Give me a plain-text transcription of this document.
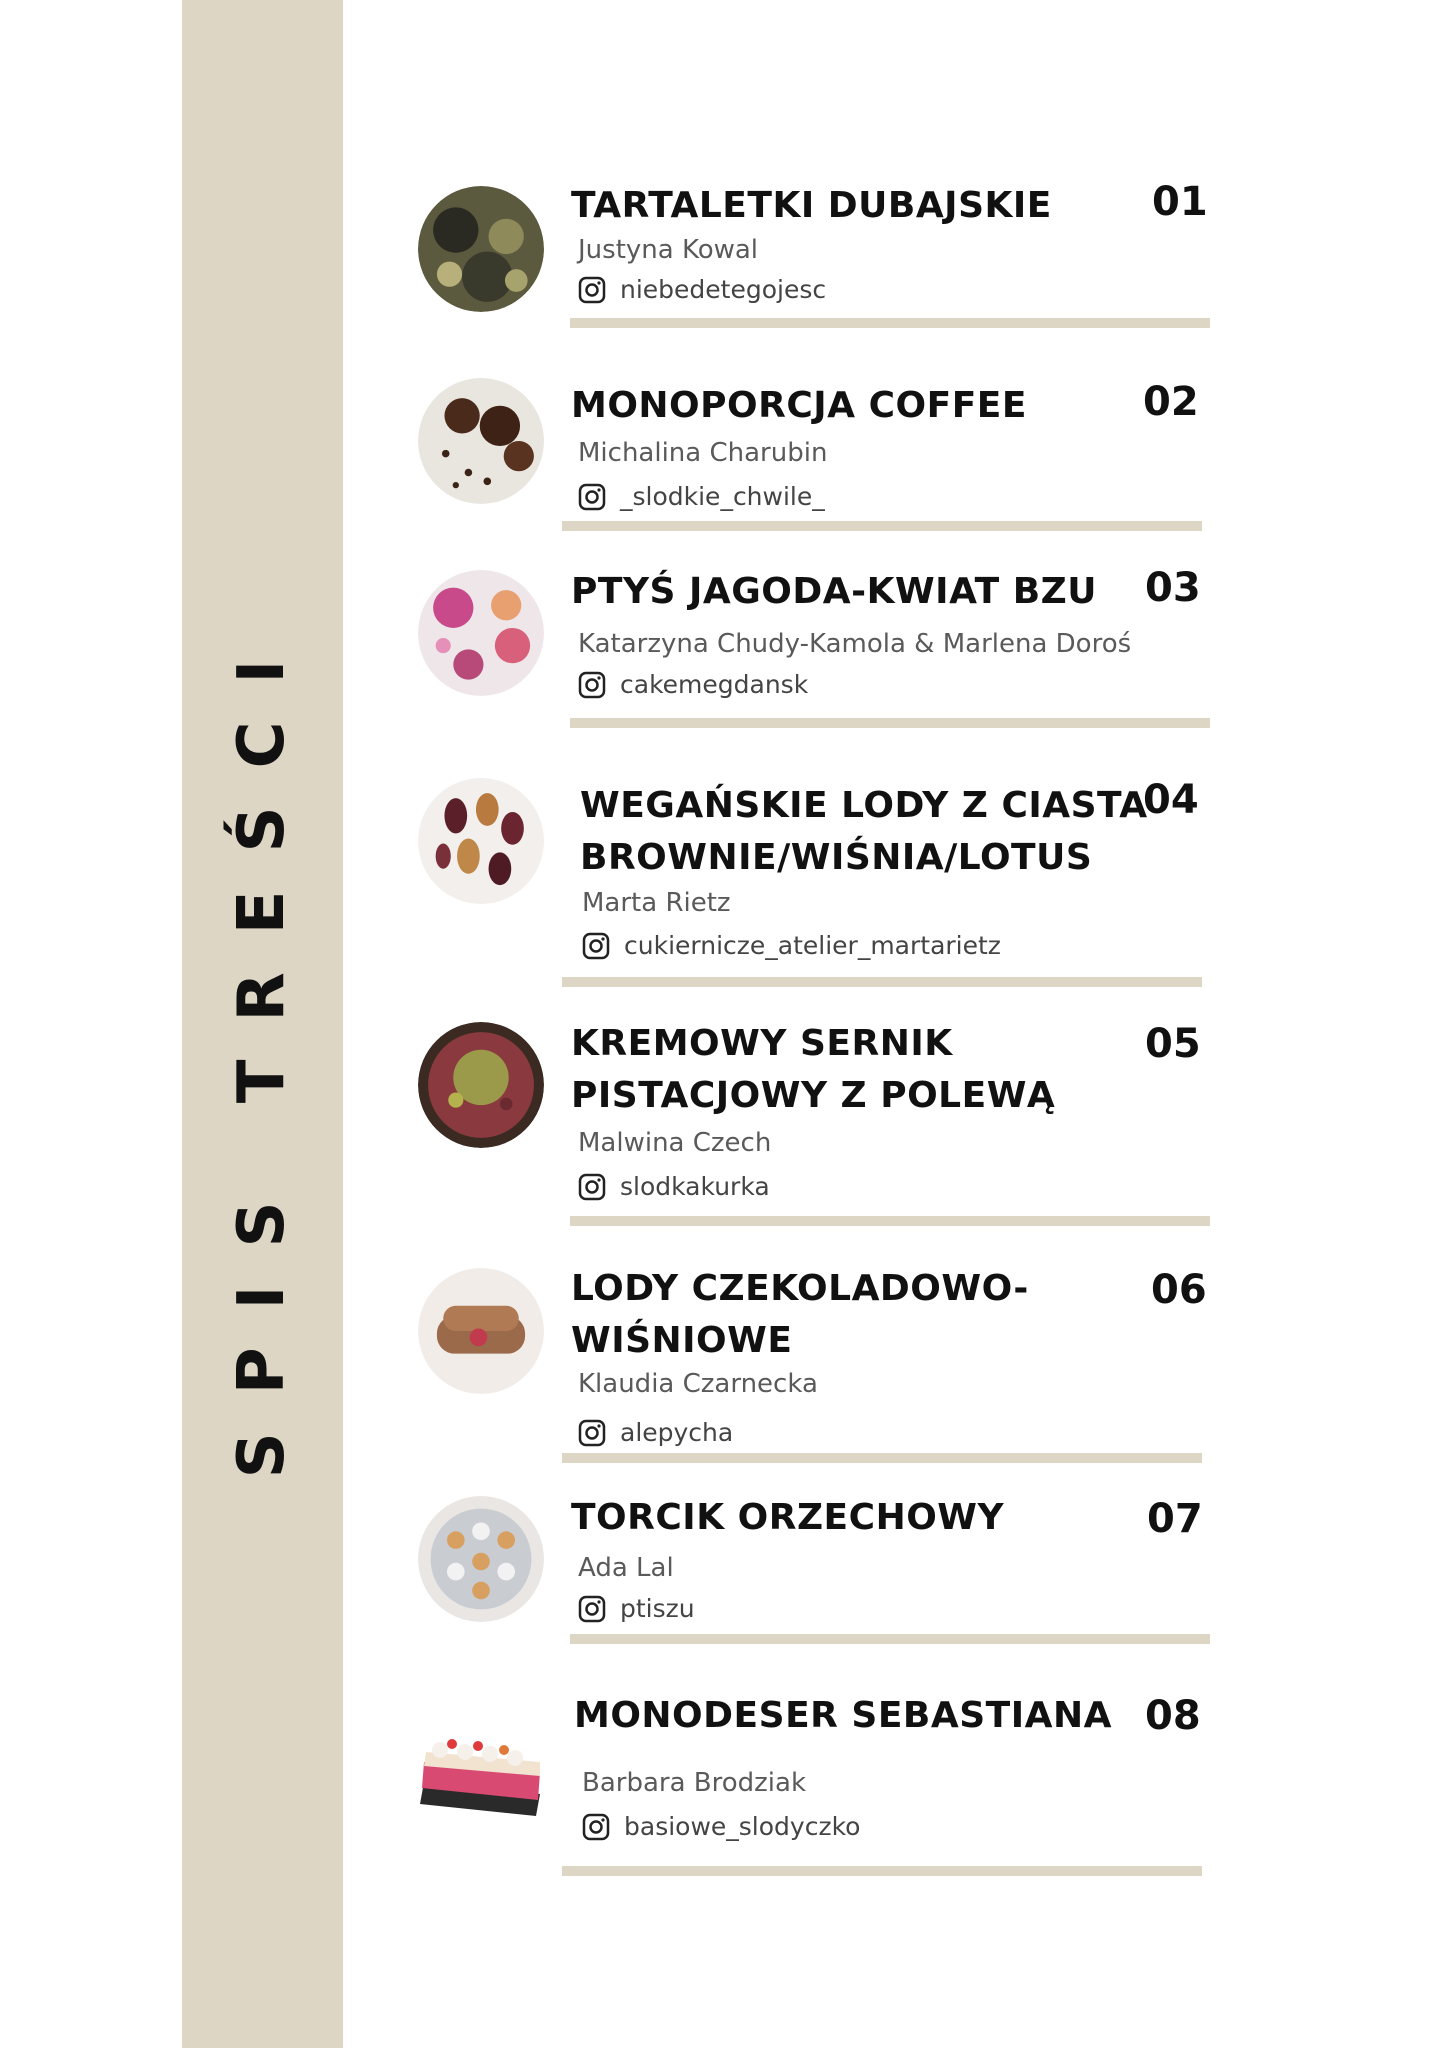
SPIS TREŚCI
TARTALETKI DUBAJSKIE	01
Justyna Kowal
niebedetegojesc
MONOPORCJA COFFEE	02
Michalina Charubin
_slodkie_chwile_
PTYŚ JAGODA-KWIAT BZU 03
Katarzyna Chudy-Kamola & Marlena Doroś
cakemegdansk
WEGAŃSKIE LODY Z CIASTA
BROWNIE/WIŚNIA/LOTUS
04
Marta Rietz
cukiernicze_atelier_martarietz
KREMOWY SERNIK
PISTACJOWY Z POLEWĄ
05
Malwina Czech
slodkakurka
LODY CZEKOLADOWO-
WIŚNIOWE
06
Klaudia Czarnecka
alepycha
TORCIK ORZECHOWY	07
Ada Lal
ptiszu
MONODESER SEBASTIANA 08
Barbara Brodziak
basiowe_slodyczko
